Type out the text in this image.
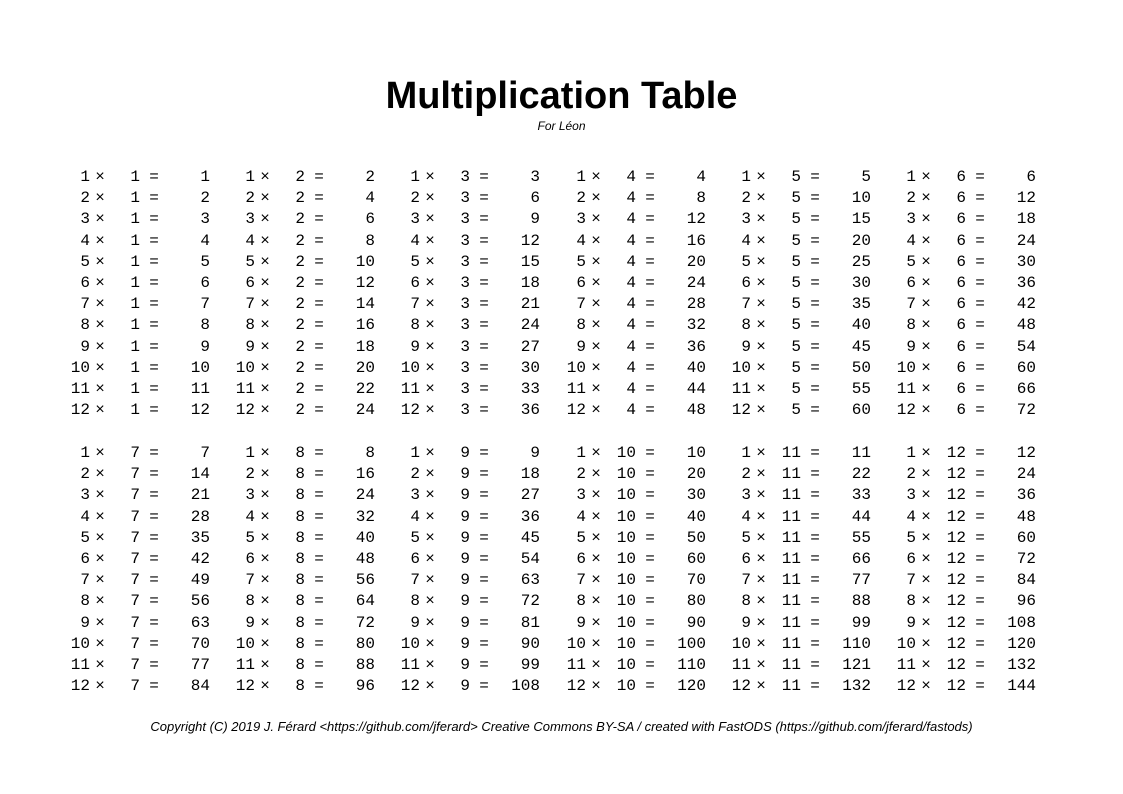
Multiplication Table
For Léon
1 × 1 =	1
2 × 1 =	2
3 × 1 =	3
4 × 1 =	4
5 × 1 =	5
6 × 1 =	6
7 × 1 =	7
8 × 1 =	8
9 × 1 =	9
10 × 1 = 10
11 × 1 = 11
12 × 1 = 12
1 × 2 =	2
2 × 2 =	4
3 × 2 =	6
4 × 2 =	8
5 × 2 = 10
6 × 2 = 12
7 × 2 = 14
8 × 2 = 16
9 × 2 = 18
10 × 2 = 20
11 × 2 = 22
12 × 2 = 24
1 × 3 =	3
2 × 3 =	6
3 × 3 =	9
4 × 3 = 12
5 × 3 = 15
6 × 3 = 18
7 × 3 = 21
8 × 3 = 24
9 × 3 = 27
10 × 3 = 30
11 × 3 = 33
12 × 3 = 36
1 × 4 =	4
2 × 4 =	8
3 × 4 = 12
4 × 4 = 16
5 × 4 = 20
6 × 4 = 24
7 × 4 = 28
8 × 4 = 32
9 × 4 = 36
10 × 4 = 40
11 × 4 = 44
12 × 4 = 48
1 × 5 =	5
2 × 5 = 10
3 × 5 = 15
4 × 5 = 20
5 × 5 = 25
6 × 5 = 30
7 × 5 = 35
8 × 5 = 40
9 × 5 = 45
10 × 5 = 50
11 × 5 = 55
12 × 5 = 60
1 × 6 =	6
2 × 6 = 12
3 × 6 = 18
4 × 6 = 24
5 × 6 = 30
6 × 6 = 36
7 × 6 = 42
8 × 6 = 48
9 × 6 = 54
10 × 6 = 60
11 × 6 = 66
12 × 6 = 72
1 × 7 =	7
2 × 7 = 14
3 × 7 = 21
4 × 7 = 28
5 × 7 = 35
6 × 7 = 42
7 × 7 = 49
8 × 7 = 56
9 × 7 = 63
10 × 7 = 70
11 × 7 = 77
12 × 7 = 84
1 × 8 =	8
2 × 8 = 16
3 × 8 = 24
4 × 8 = 32
5 × 8 = 40
6 × 8 = 48
7 × 8 = 56
8 × 8 = 64
9 × 8 = 72
10 × 8 = 80
11 × 8 = 88
12 × 8 = 96
1 × 9 =	9
2 × 9 = 18
3 × 9 = 27
4 × 9 = 36
5 × 9 = 45
6 × 9 = 54
7 × 9 = 63
8 × 9 = 72
9 × 9 = 81
10 × 9 = 90
11 × 9 = 99
12 × 9 = 108
1 × 10 = 10
2 × 10 = 20
3 × 10 = 30
4 × 10 = 40
5 × 10 = 50
6 × 10 = 60
7 × 10 = 70
8 × 10 = 80
9 × 10 = 90
10 × 10 = 100
11 × 10 = 110
12 × 10 = 120
1 × 11 = 11
2 × 11 = 22
3 × 11 = 33
4 × 11 = 44
5 × 11 = 55
6 × 11 = 66
7 × 11 = 77
8 × 11 = 88
9 × 11 = 99
10 × 11 = 110
11 × 11 = 121
12 × 11 = 132
1 × 12 = 12
2 × 12 = 24
3 × 12 = 36
4 × 12 = 48
5 × 12 = 60
6 × 12 = 72
7 × 12 = 84
8 × 12 = 96
9 × 12 = 108
10 × 12 = 120
11 × 12 = 132
12 × 12 = 144
Copyright (C) 2019 J. Férard <https://github.com/jferard> Creative Commons BY-SA / created with FastODS (https://github.com/jferard/fastods)
